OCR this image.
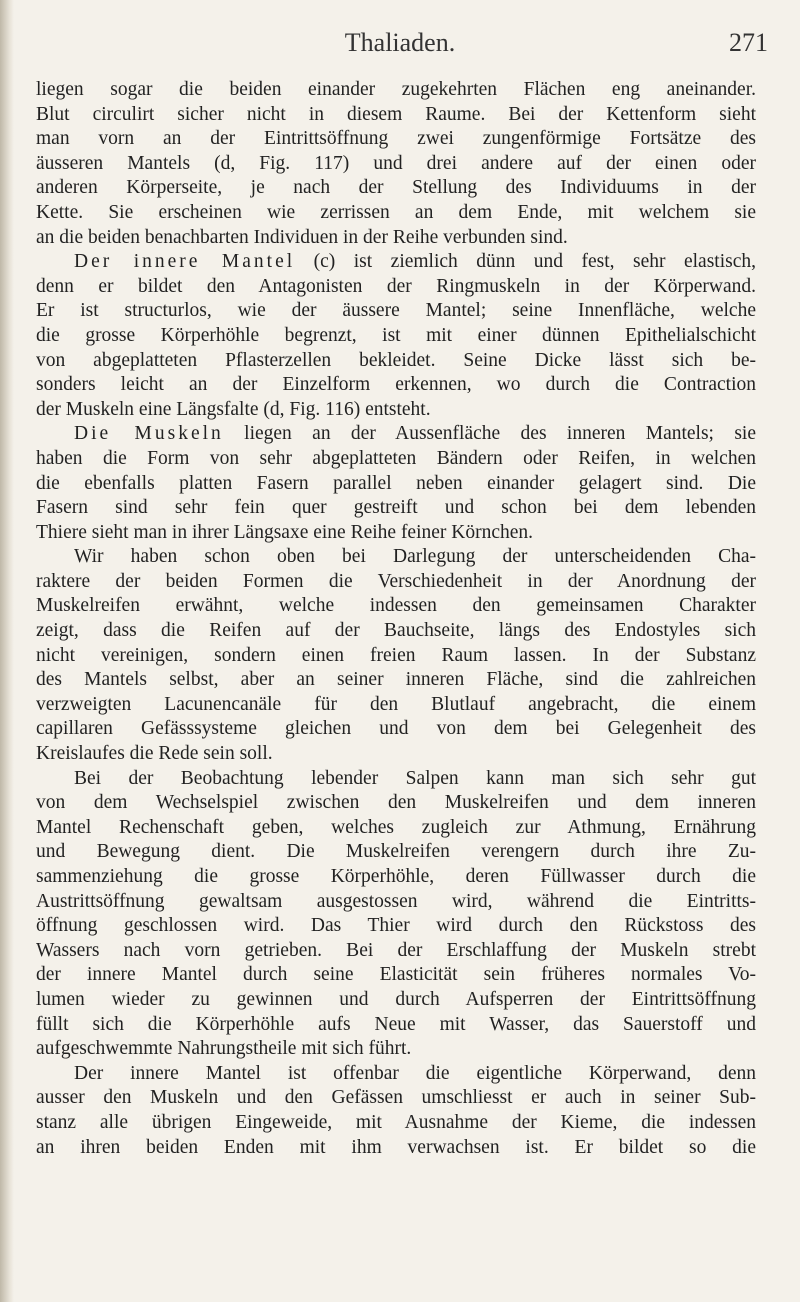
Thaliaden.	271

liegen sogar die beiden einander zugekehrten Flächen eng aneinander.

Blut circulirt sicher nicht in diesem Raume. Bei der Kettenform sieht

man vorn an der Eintrittsöffnung zwei zungenförmige Fortsätze des

äusseren Mantels (d, Fig. 117) und drei andere auf der einen oder

anderen Körperseite, je nach der Stellung des Individuums in der

Kette. Sie erscheinen wie zerrissen an dem Ende, mit welchem sie

an die beiden benachbarten Individuen in der Reihe verbunden sind.

Der innere Mantel (c) ist ziemlich dünn und fest, sehr elastisch,

denn er bildet den Antagonisten der Ringmuskeln in der Körperwand.

Er ist structurlos, wie der äussere Mantel; seine Innenfläche, welche

die grosse Körperhöhle begrenzt, ist mit einer dünnen Epithelialschicht

von abgeplatteten Pflasterzellen bekleidet. Seine Dicke lässt sich be-

sonders leicht an der Einzelform erkennen, wo durch die Contraction

der Muskeln eine Längsfalte (d, Fig. 116) entsteht.

Die Muskeln liegen an der Aussenfläche des inneren Mantels; sie

haben die Form von sehr abgeplatteten Bändern oder Reifen, in welchen

die ebenfalls platten Fasern parallel neben einander gelagert sind. Die

Fasern sind sehr fein quer gestreift und schon bei dem lebenden

Thiere sieht man in ihrer Längsaxe eine Reihe feiner Körnchen.

Wir haben schon oben bei Darlegung der unterscheidenden Cha-

raktere der beiden Formen die Verschiedenheit in der Anordnung der

Muskelreifen erwähnt, welche indessen den gemeinsamen Charakter

zeigt, dass die Reifen auf der Bauchseite, längs des Endostyles sich

nicht vereinigen, sondern einen freien Raum lassen. In der Substanz

des Mantels selbst, aber an seiner inneren Fläche, sind die zahlreichen

verzweigten Lacunencanäle für den Blutlauf angebracht, die einem

capillaren Gefässsysteme gleichen und von dem bei Gelegenheit des

Kreislaufes die Rede sein soll.

Bei der Beobachtung lebender Salpen kann man sich sehr gut

von dem Wechselspiel zwischen den Muskelreifen und dem inneren

Mantel Rechenschaft geben, welches zugleich zur Athmung, Ernährung

und Bewegung dient. Die Muskelreifen verengern durch ihre Zu-

sammenziehung die grosse Körperhöhle, deren Füllwasser durch die

Austrittsöffnung gewaltsam ausgestossen wird, während die Eintritts-

öffnung geschlossen wird. Das Thier wird durch den Rückstoss des

Wassers nach vorn getrieben. Bei der Erschlaffung der Muskeln strebt

der innere Mantel durch seine Elasticität sein früheres normales Vo-

lumen wieder zu gewinnen und durch Aufsperren der Eintrittsöffnung

füllt sich die Körperhöhle aufs Neue mit Wasser, das Sauerstoff und

aufgeschwemmte Nahrungstheile mit sich führt.

Der innere Mantel ist offenbar die eigentliche Körperwand, denn

ausser den Muskeln und den Gefässen umschliesst er auch in seiner Sub-

stanz alle übrigen Eingeweide, mit Ausnahme der Kieme, die indessen

an ihren beiden Enden mit ihm verwachsen ist. Er bildet so die
